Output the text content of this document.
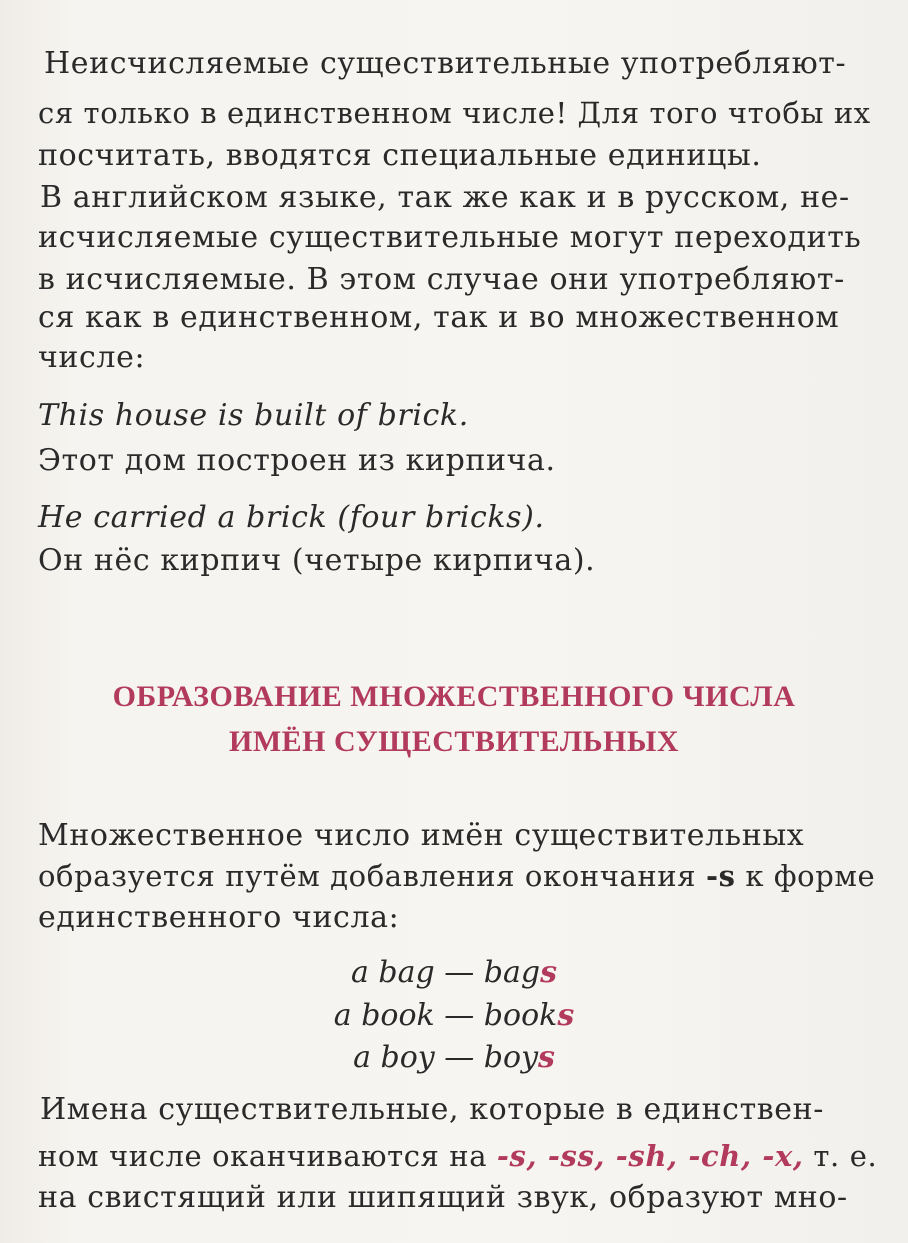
Неисчисляемые существительные употребляют-
ся только в единственном числе! Для того чтобы их
посчитать, вводятся специальные единицы.
В английском языке, так же как и в русском, не-
исчисляемые существительные могут переходить
в исчисляемые. В этом случае они употребляют-
ся как в единственном, так и во множественном
числе:
This house is built of brick.
Этот дом построен из кирпича.
He carried a brick (four bricks).
Он нёс кирпич (четыре кирпича).
ОБРАЗОВАНИЕ МНОЖЕСТВЕННОГО ЧИСЛА
ИМЁН СУЩЕСТВИТЕЛЬНЫХ
Множественное число имён существительных
образуется путём добавления окончания -s к форме
единственного числа:
a bag — bags
a book — books
a boy — boys
Имена существительные, которые в единствен-
ном числе оканчиваются на -s, -ss, -sh, -ch, -x, т. е.
на свистящий или шипящий звук, образуют мно-
